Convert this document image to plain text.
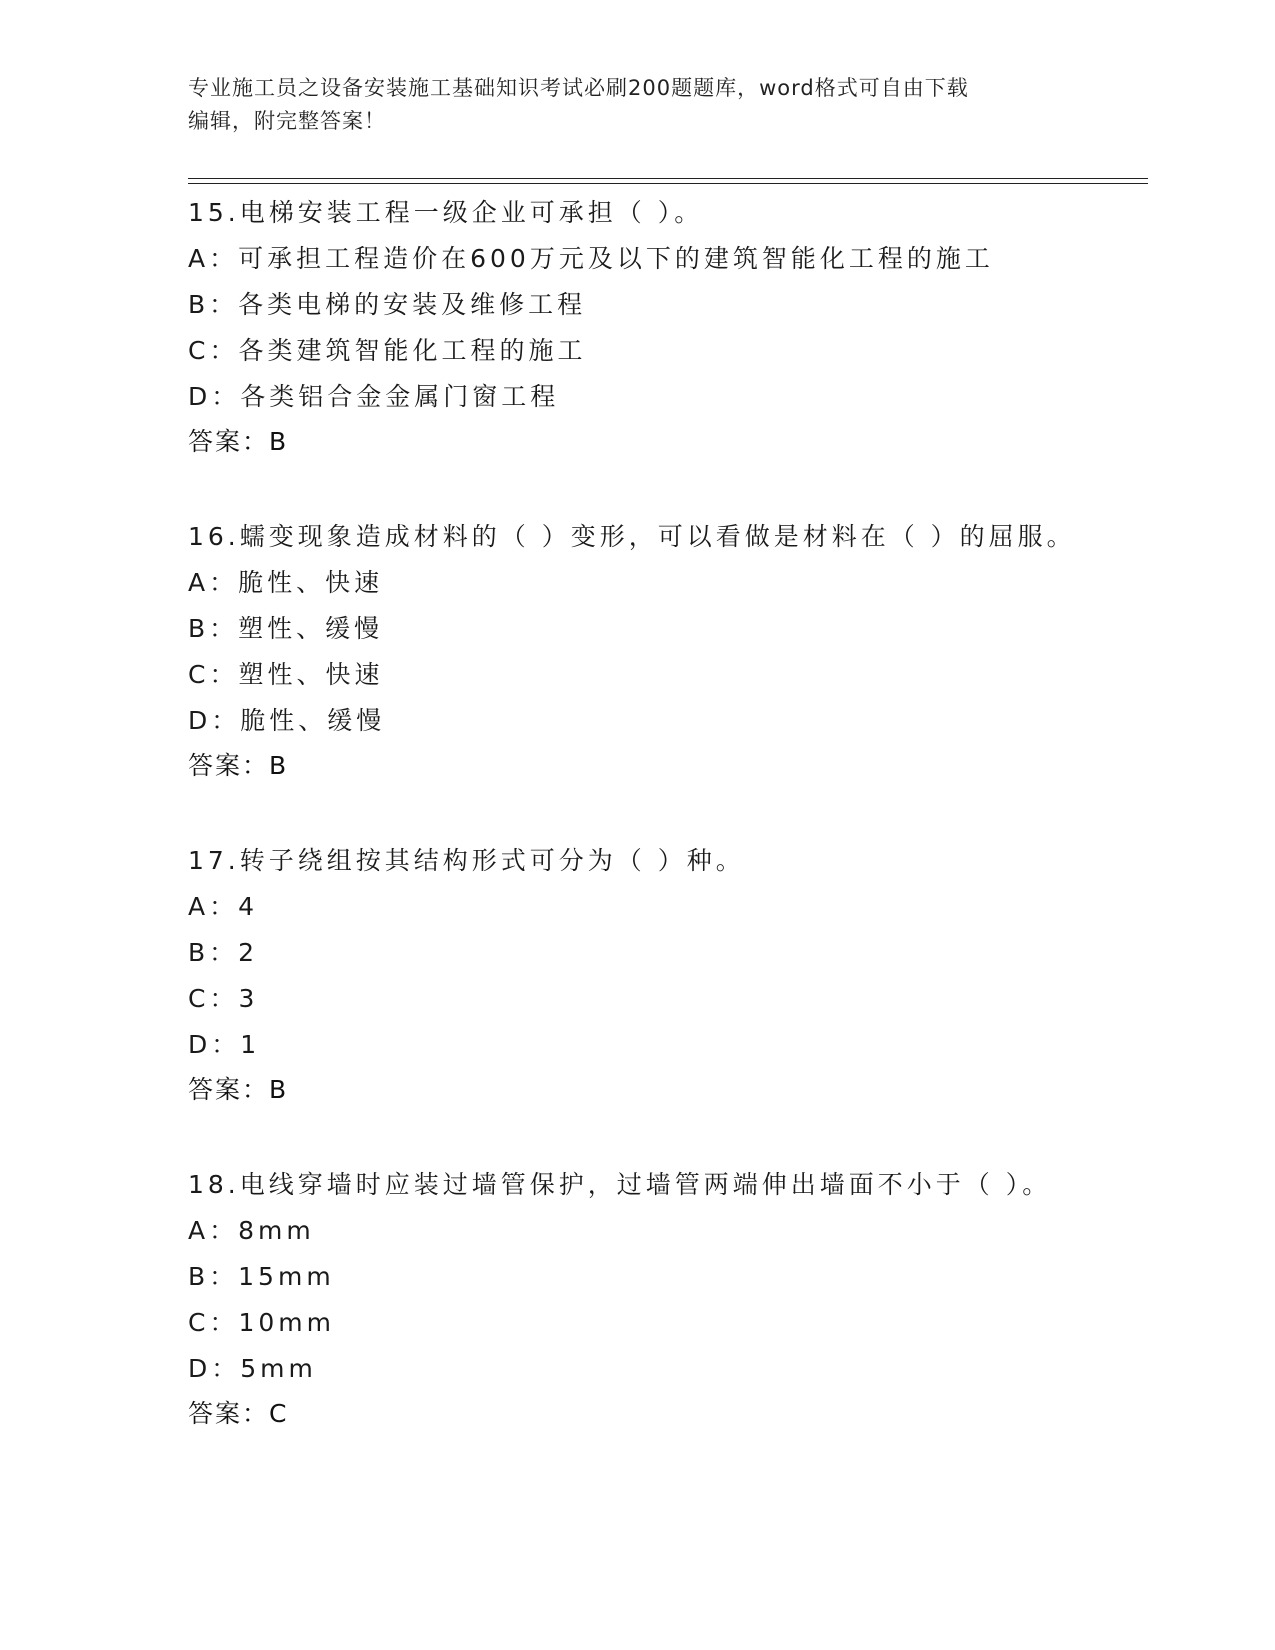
专业施工员之设备安装施工基础知识考试必刷200题题库，word格式可自由下载
编辑，附完整答案！
15.电梯安装工程一级企业可承担（ ）。
A：可承担工程造价在600万元及以下的建筑智能化工程的施工
B：各类电梯的安装及维修工程
C：各类建筑智能化工程的施工
D：各类铝合金金属门窗工程
答案：B
16.蠕变现象造成材料的（ ）变形，可以看做是材料在（ ）的屈服。
A：脆性、快速
B：塑性、缓慢
C：塑性、快速
D：脆性、缓慢
答案：B
17.转子绕组按其结构形式可分为（ ）种。
A：4
B：2
C：3
D：1
答案：B
18.电线穿墙时应装过墙管保护，过墙管两端伸出墙面不小于（ ）。
A：8mm
B：15mm
C：10mm
D：5mm
答案：C
